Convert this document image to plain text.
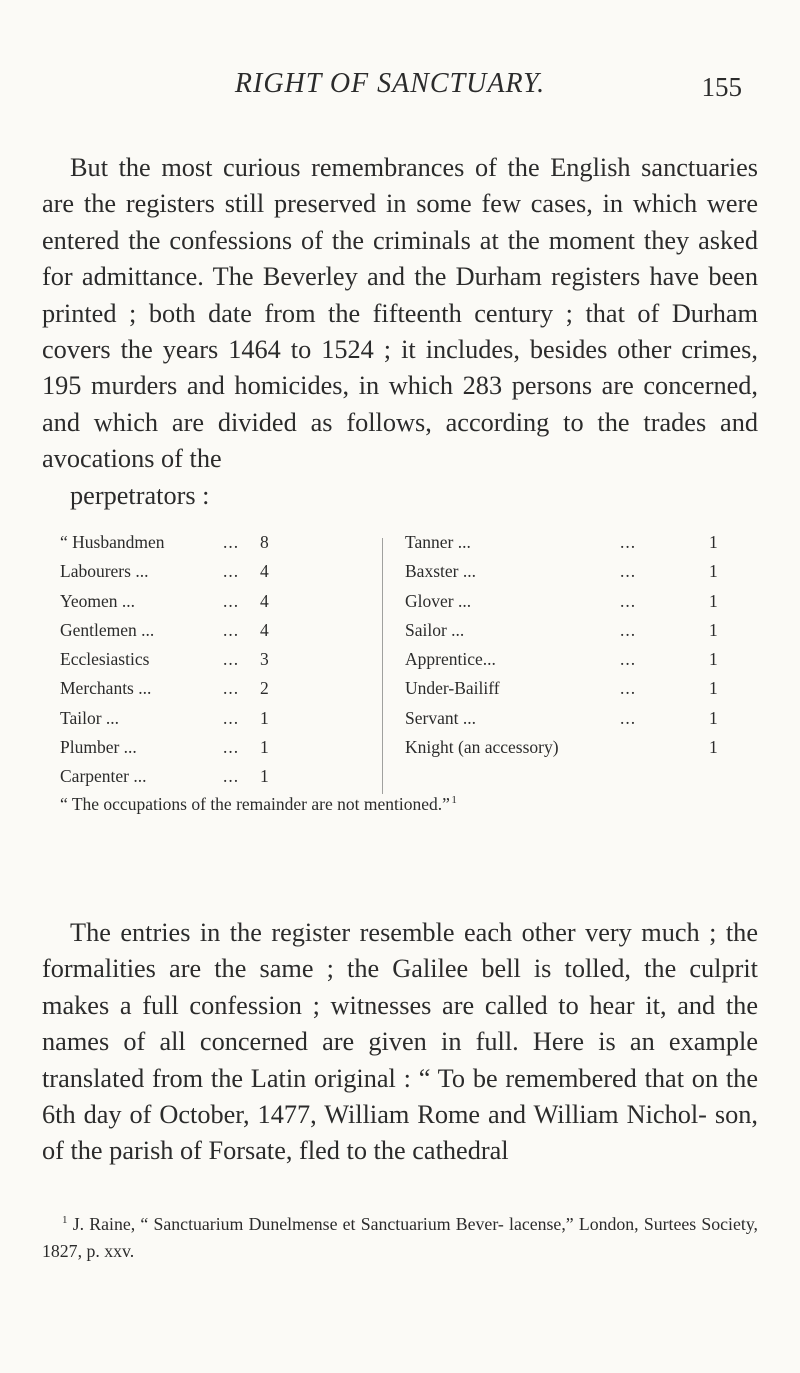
RIGHT OF SANCTUARY.	155

But the most curious remembrances of the English sanctuaries are the registers still preserved in some few cases, in which were entered the confessions of the criminals at the moment they asked for admittance. The Beverley and the Durham registers have been printed ; both date from the fifteenth century ; that of Durham covers the years 1464 to 1524 ; it includes, besides other crimes, 195 murders and homicides, in which 283 persons are concerned, and which are divided as follows, according to the trades and avocations of the
perpetrators :

“ Husbandmen	... 8
Labourers ...	... 4
Yeomen ...	... 4
Gentlemen ...	... 4
Ecclesiastics	... 3
Merchants ...	... 2
Tailor ...	... 1
Plumber ...	... 1
Carpenter ...	... 1
Tanner ...	...	1
Baxster ...	...	1
Glover ...	...	1
Sailor ...	...	1
Apprentice...	...	1
Under-Bailiff	...	1
Servant ...	...	1
Knight (an accessory)	1
“ The occupations of the remainder are not mentioned.” $^1$

The entries in the register resemble each other very much ; the formalities are the same ; the Galilee bell is tolled, the culprit makes a full confession ; witnesses are called to hear it, and the names of all concerned are given in full. Here is an example translated from the Latin original : “ To be remembered that on the 6th day of October, 1477, William Rome and William Nichol- son, of the parish of Forsate, fled to the cathedral

$^1$ J. Raine, “ Sanctuarium Dunelmense et Sanctuarium Bever- lacense,” London, Surtees Society, 1827, p. xxv.
